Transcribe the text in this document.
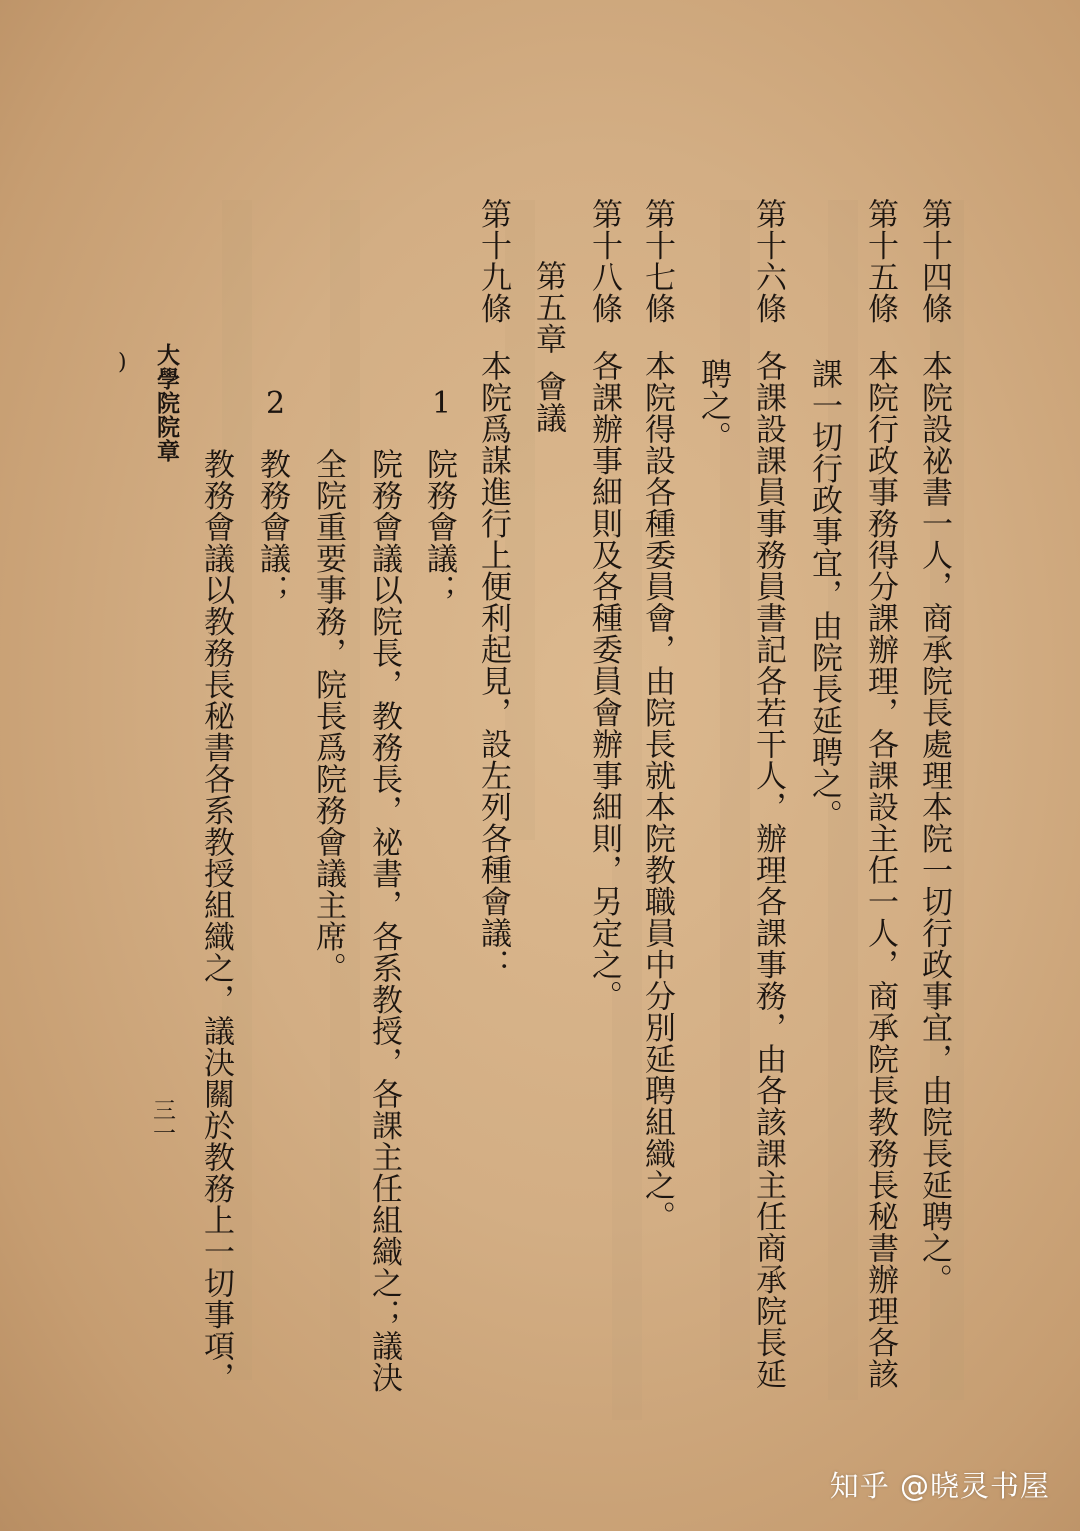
第十四條本院設祕書一人，商承院長處理本院一切行政事宜，由院長延聘之。
第十五條本院行政事務得分課辦理，各課設主任一人，商承院長教務長秘書辦理各該
課一切行政事宜，由院長延聘之。
第十六條各課設課員事務員書記各若干人，辦理各課事務，由各該課主任商承院長延
聘之。
第十七條本院得設各種委員會，由院長就本院教職員中分別延聘組織之。
第十八條各課辦事細則及各種委員會辦事細則，另定之。
第五章會議
第十九條本院爲謀進行上便利起見，設左列各種會議：
1
院務會議；
院務會議以院長，教務長，祕書，各系教授，各課主任組織之；議決
全院重要事務，院長爲院務會議主席。
2
教務會議；
教務會議以教務長秘書各系教授組織之，議決關於教務上一切事項，
) 大學院院章
三一
知乎 @晓灵书屋
